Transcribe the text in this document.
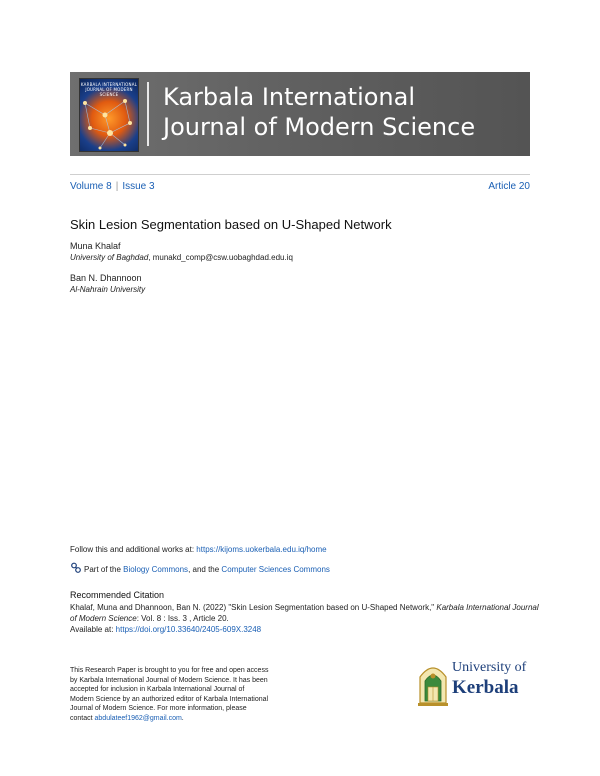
KARBALA INTERNATIONAL JOURNAL OF MODERN SCIENCE	Karbala International
Journal of Modern Science
Volume 8 | Issue 3	Article 20
Skin Lesion Segmentation based on U-Shaped Network
Muna Khalaf
University of Baghdad, munakd_comp@csw.uobaghdad.edu.iq
Ban N. Dhannoon
Al-Nahrain University
Follow this and additional works at: https://kijoms.uokerbala.edu.iq/home
Part of the Biology Commons, and the Computer Sciences Commons
Recommended Citation
Khalaf, Muna and Dhannoon, Ban N. (2022) "Skin Lesion Segmentation based on U-Shaped Network," Karbala International Journal of Modern Science: Vol. 8 : Iss. 3 , Article 20.
Available at: https://doi.org/10.33640/2405-609X.3248
This Research Paper is brought to you for free and open access
by Karbala International Journal of Modern Science. It has been
accepted for inclusion in Karbala International Journal of
Modern Science by an authorized editor of Karbala International
Journal of Modern Science. For more information, please
contact abdulateef1962@gmail.com.
University of
Kerbala
